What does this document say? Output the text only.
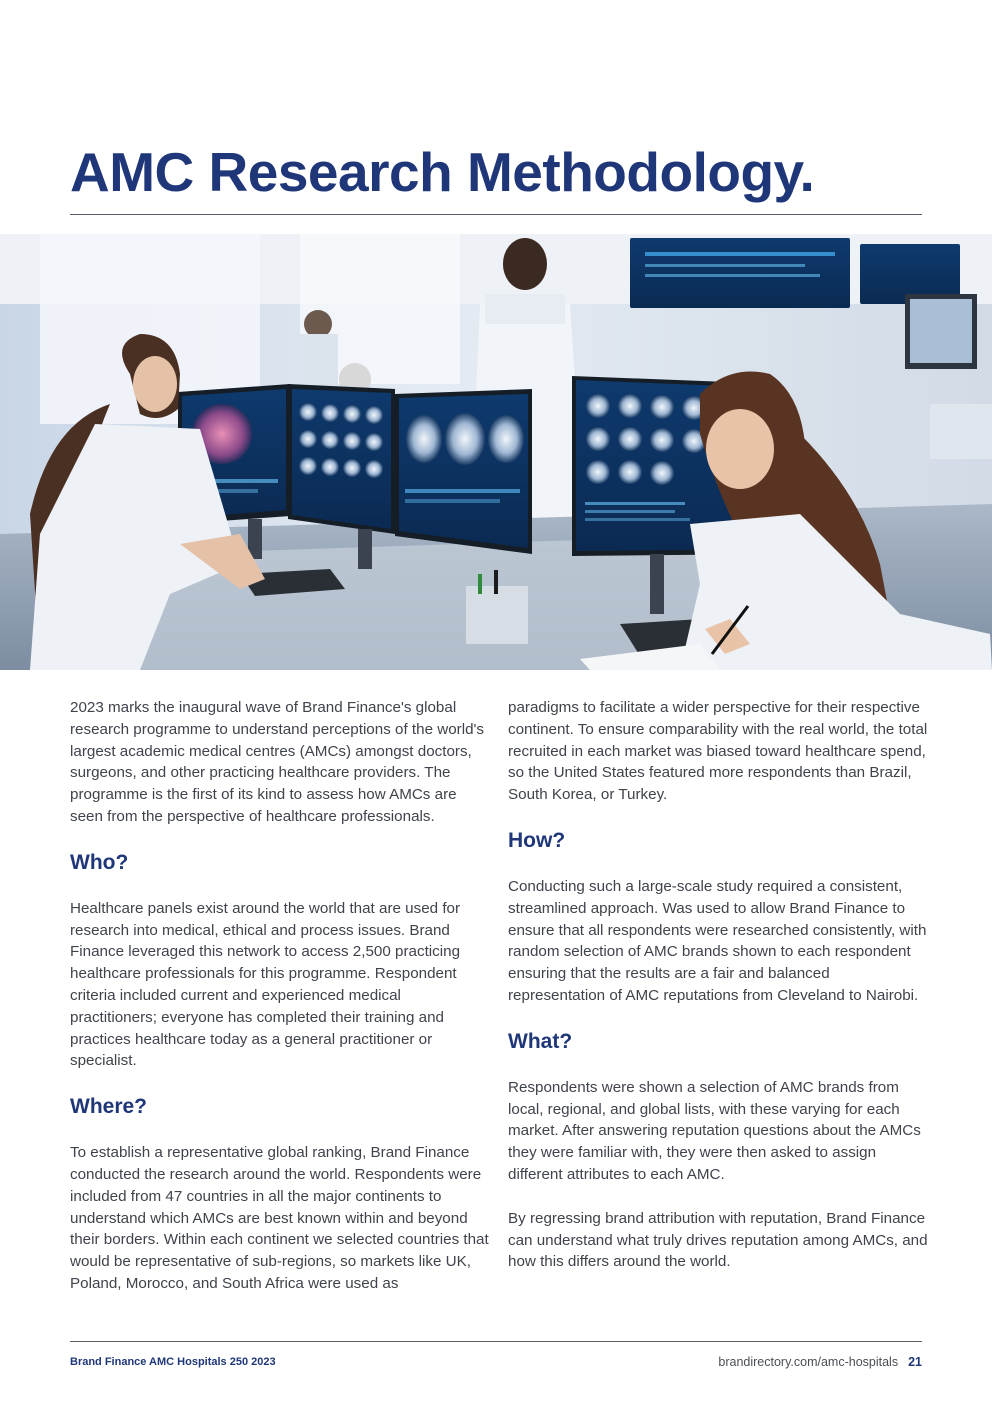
AMC Research Methodology.

2023 marks the inaugural wave of Brand Finance's global research programme to understand perceptions of the world's largest academic medical centres (AMCs) amongst doctors, surgeons, and other practicing healthcare providers. The programme is the first of its kind to assess how AMCs are seen from the perspective of healthcare professionals.

Who?

Healthcare panels exist around the world that are used for research into medical, ethical and process issues. Brand Finance leveraged this network to access 2,500 practicing healthcare professionals for this programme. Respondent criteria included current and experienced medical practitioners; everyone has completed their training and practices healthcare today as a general practitioner or specialist.

Where?

To establish a representative global ranking, Brand Finance conducted the research around the world. Respondents were included from 47 countries in all the major continents to understand which AMCs are best known within and beyond their borders. Within each continent we selected countries that would be representative of sub-regions, so markets like UK, Poland, Morocco, and South Africa were used as

paradigms to facilitate a wider perspective for their respective continent. To ensure comparability with the real world, the total recruited in each market was biased toward healthcare spend, so the United States featured more respondents than Brazil, South Korea, or Turkey.

How?

Conducting such a large-scale study required a consistent, streamlined approach. Was used to allow Brand Finance to ensure that all respondents were researched consistently, with random selection of AMC brands shown to each respondent ensuring that the results are a fair and balanced representation of AMC reputations from Cleveland to Nairobi.

What?

Respondents were shown a selection of AMC brands from local, regional, and global lists, with these varying for each market. After answering reputation questions about the AMCs they were familiar with, they were then asked to assign different attributes to each AMC.

By regressing brand attribution with reputation, Brand Finance can understand what truly drives reputation among AMCs, and how this differs around the world.

Brand Finance AMC Hospitals 250 2023	brandirectory.com/amc-hospitals 21
